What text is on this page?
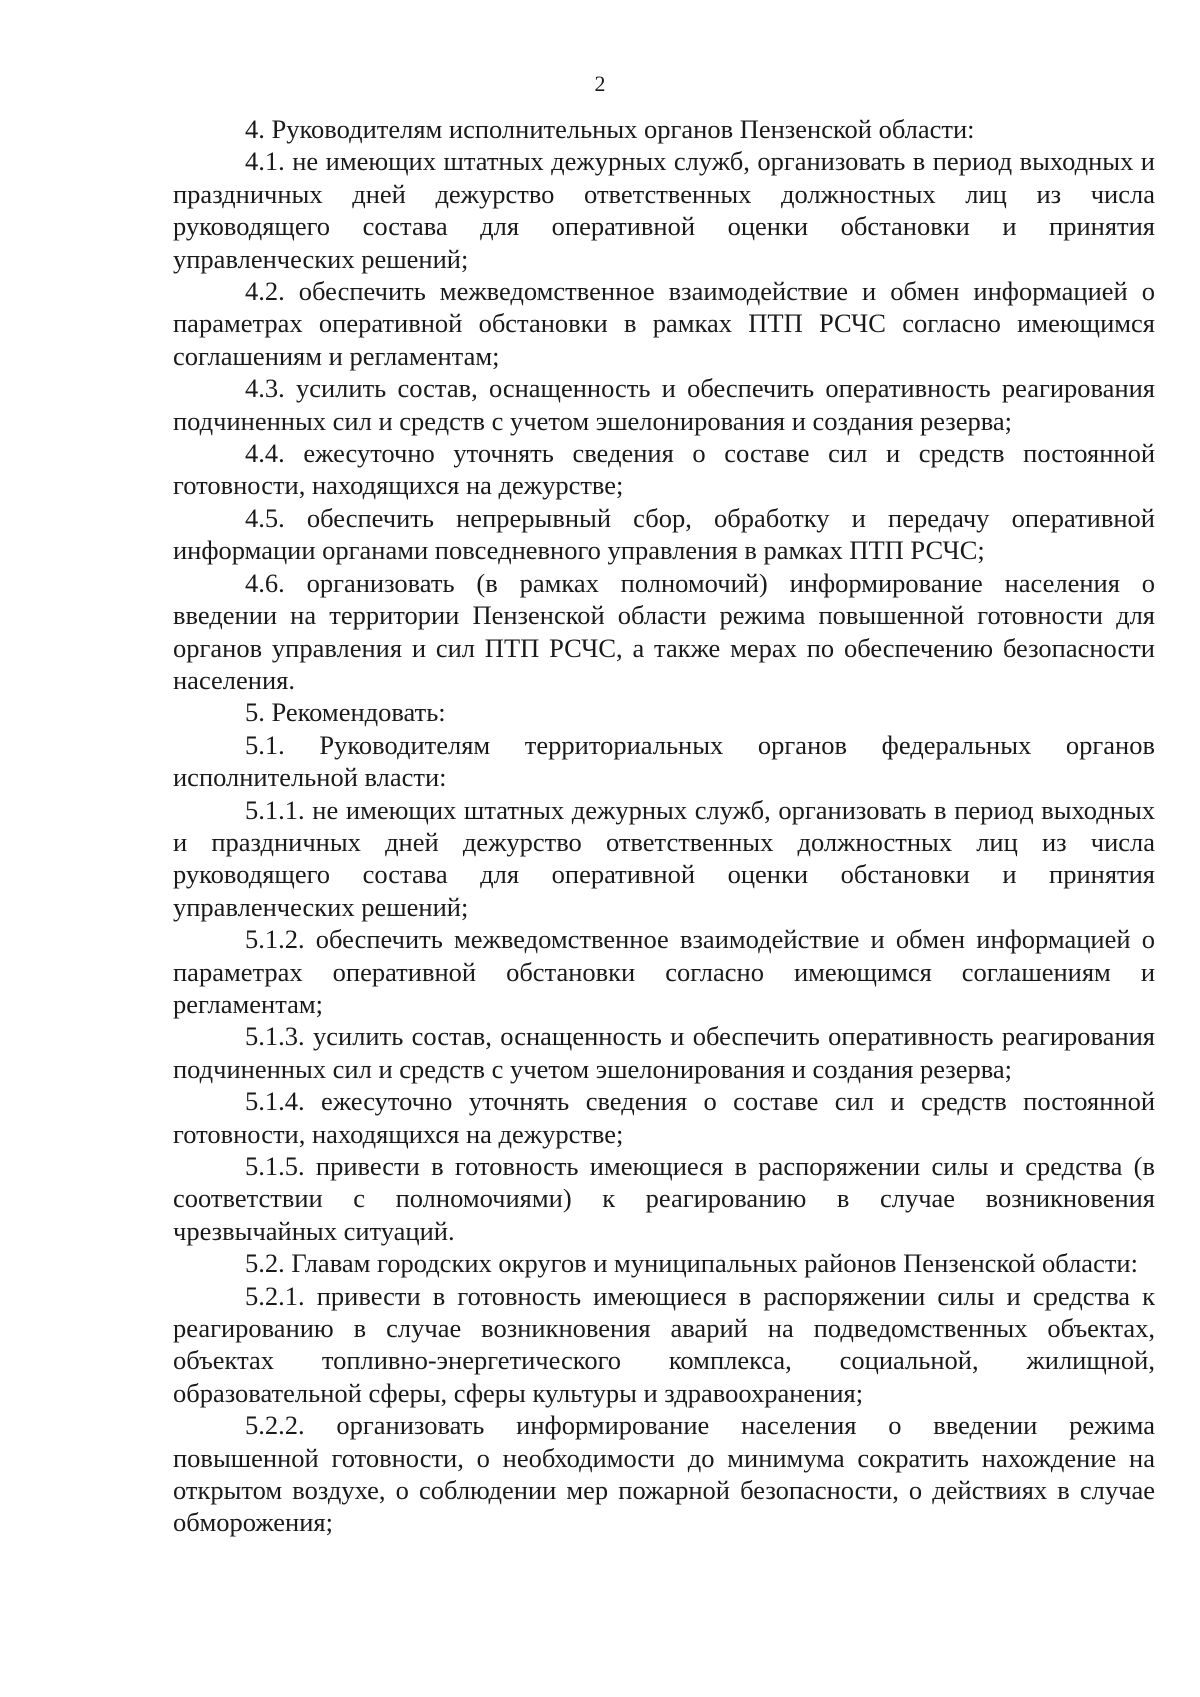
2

4. Руководителям исполнительных органов Пензенской области:

4.1. не имеющих штатных дежурных служб, организовать в период выходных и праздничных дней дежурство ответственных должностных лиц из числа руководящего состава для оперативной оценки обстановки и принятия управленческих решений;

4.2. обеспечить межведомственное взаимодействие и обмен информацией о параметрах оперативной обстановки в рамках ПТП РСЧС согласно имеющимся соглашениям и регламентам;

4.3. усилить состав, оснащенность и обеспечить оперативность реагирования подчиненных сил и средств с учетом эшелонирования и создания резерва;

4.4. ежесуточно уточнять сведения о составе сил и средств постоянной готовности, находящихся на дежурстве;

4.5. обеспечить непрерывный сбор, обработку и передачу оперативной информации органами повседневного управления в рамках ПТП РСЧС;

4.6. организовать (в рамках полномочий) информирование населения о введении на территории Пензенской области режима повышенной готовности для органов управления и сил ПТП РСЧС, а также мерах по обеспечению безопасности населения.

5. Рекомендовать:

5.1. Руководителям территориальных органов федеральных органов исполнительной власти:

5.1.1. не имеющих штатных дежурных служб, организовать в период выходных и праздничных дней дежурство ответственных должностных лиц из числа руководящего состава для оперативной оценки обстановки и принятия управленческих решений;

5.1.2. обеспечить межведомственное взаимодействие и обмен информацией о параметрах оперативной обстановки согласно имеющимся соглашениям и регламентам;

5.1.3. усилить состав, оснащенность и обеспечить оперативность реагирования подчиненных сил и средств с учетом эшелонирования и создания резерва;

5.1.4. ежесуточно уточнять сведения о составе сил и средств постоянной готовности, находящихся на дежурстве;

5.1.5. привести в готовность имеющиеся в распоряжении силы и средства (в соответствии с полномочиями) к реагированию в случае возникновения чрезвычайных ситуаций.

5.2. Главам городских округов и муниципальных районов Пензенской области:

5.2.1. привести в готовность имеющиеся в распоряжении силы и средства к реагированию в случае возникновения аварий на подведомственных объектах, объектах топливно-энергетического комплекса, социальной, жилищной, образовательной сферы, сферы культуры и здравоохранения;

5.2.2. организовать информирование населения о введении режима повышенной готовности, о необходимости до минимума сократить нахождение на открытом воздухе, о соблюдении мер пожарной безопасности, о действиях в случае обморожения;
